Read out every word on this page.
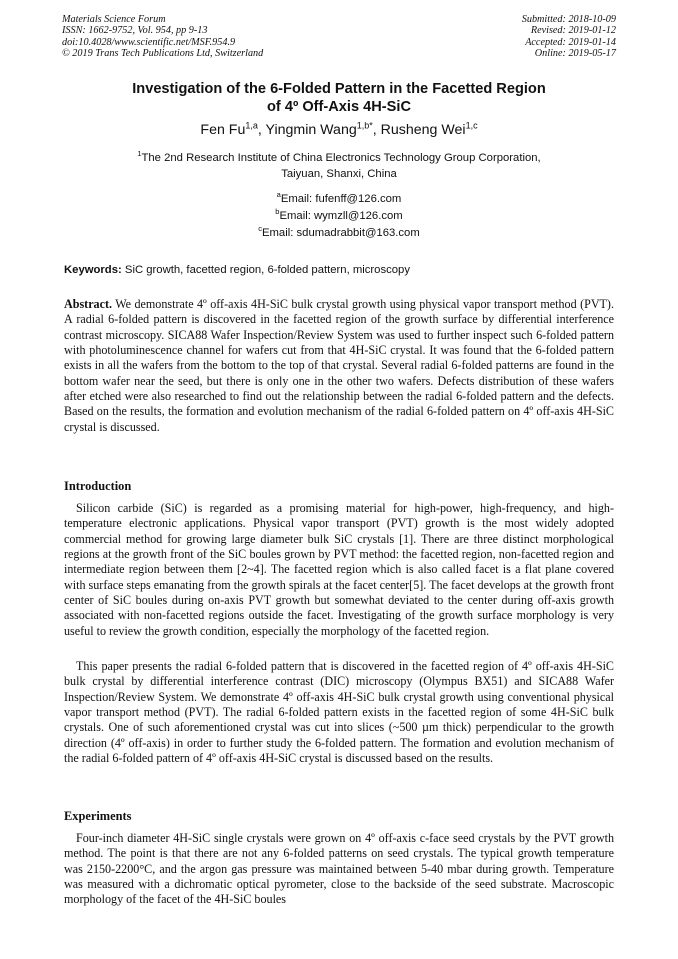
Materials Science Forum
ISSN: 1662-9752, Vol. 954, pp 9-13
doi:10.4028/www.scientific.net/MSF.954.9
© 2019 Trans Tech Publications Ltd, Switzerland
Submitted: 2018-10-09
Revised: 2019-01-12
Accepted: 2019-01-14
Online: 2019-05-17
Investigation of the 6-Folded Pattern in the Facetted Region
of 4º Off-Axis 4H-SiC
Fen Fu$^{1,a}$, Yingmin Wang$^{1,b*}$, Rusheng Wei$^{1,c}$
$^1$The 2nd Research Institute of China Electronics Technology Group Corporation,
Taiyuan, Shanxi, China
$^a$Email: fufenff@126.com
$^b$Email: wymzll@126.com
$^c$Email: sdumadrabbit@163.com
Keywords: SiC growth, facetted region, 6-folded pattern, microscopy
Abstract. We demonstrate 4º off-axis 4H-SiC bulk crystal growth using physical vapor transport method (PVT). A radial 6-folded pattern is discovered in the facetted region of the growth surface by differential interference contrast microscopy. SICA88 Wafer Inspection/Review System was used to further inspect such 6-folded pattern with photoluminescence channel for wafers cut from that 4H-SiC crystal. It was found that the 6-folded pattern exists in all the wafers from the bottom to the top of that crystal. Several radial 6-folded patterns are found in the bottom wafer near the seed, but there is only one in the other two wafers. Defects distribution of these wafers after etched were also researched to find out the relationship between the radial 6-folded pattern and the defects. Based on the results, the formation and evolution mechanism of the radial 6-folded pattern on 4º off-axis 4H-SiC crystal is discussed.
Introduction
Silicon carbide (SiC) is regarded as a promising material for high-power, high-frequency, and high-temperature electronic applications. Physical vapor transport (PVT) growth is the most widely adopted commercial method for growing large diameter bulk SiC crystals [1]. There are three distinct morphological regions at the growth front of the SiC boules grown by PVT method: the facetted region, non-facetted region and intermediate region between them [2~4]. The facetted region which is also called facet is a flat plane covered with surface steps emanating from the growth spirals at the facet center[5]. The facet develops at the growth front center of SiC boules during on-axis PVT growth but somewhat deviated to the center during off-axis growth associated with non-facetted regions outside the facet. Investigating of the growth surface morphology is very useful to review the growth condition, especially the morphology of the facetted region.
This paper presents the radial 6-folded pattern that is discovered in the facetted region of 4º off-axis 4H-SiC bulk crystal by differential interference contrast (DIC) microscopy (Olympus BX51) and SICA88 Wafer Inspection/Review System. We demonstrate 4º off-axis 4H-SiC bulk crystal growth using conventional physical vapor transport method (PVT). The radial 6-folded pattern exists in the facetted region of some 4H-SiC bulk crystals. One of such aforementioned crystal was cut into slices (~500 µm thick) perpendicular to the growth direction (4º off-axis) in order to further study the 6-folded pattern. The formation and evolution mechanism of the radial 6-folded pattern of 4º off-axis 4H-SiC crystal is discussed based on the results.
Experiments
Four-inch diameter 4H-SiC single crystals were grown on 4º off-axis c-face seed crystals by the PVT growth method. The point is that there are not any 6-folded patterns on seed crystals. The typical growth temperature was 2150-2200°C, and the argon gas pressure was maintained between 5-40 mbar during growth. Temperature was measured with a dichromatic optical pyrometer, close to the backside of the seed substrate. Macroscopic morphology of the facet of the 4H-SiC boules
